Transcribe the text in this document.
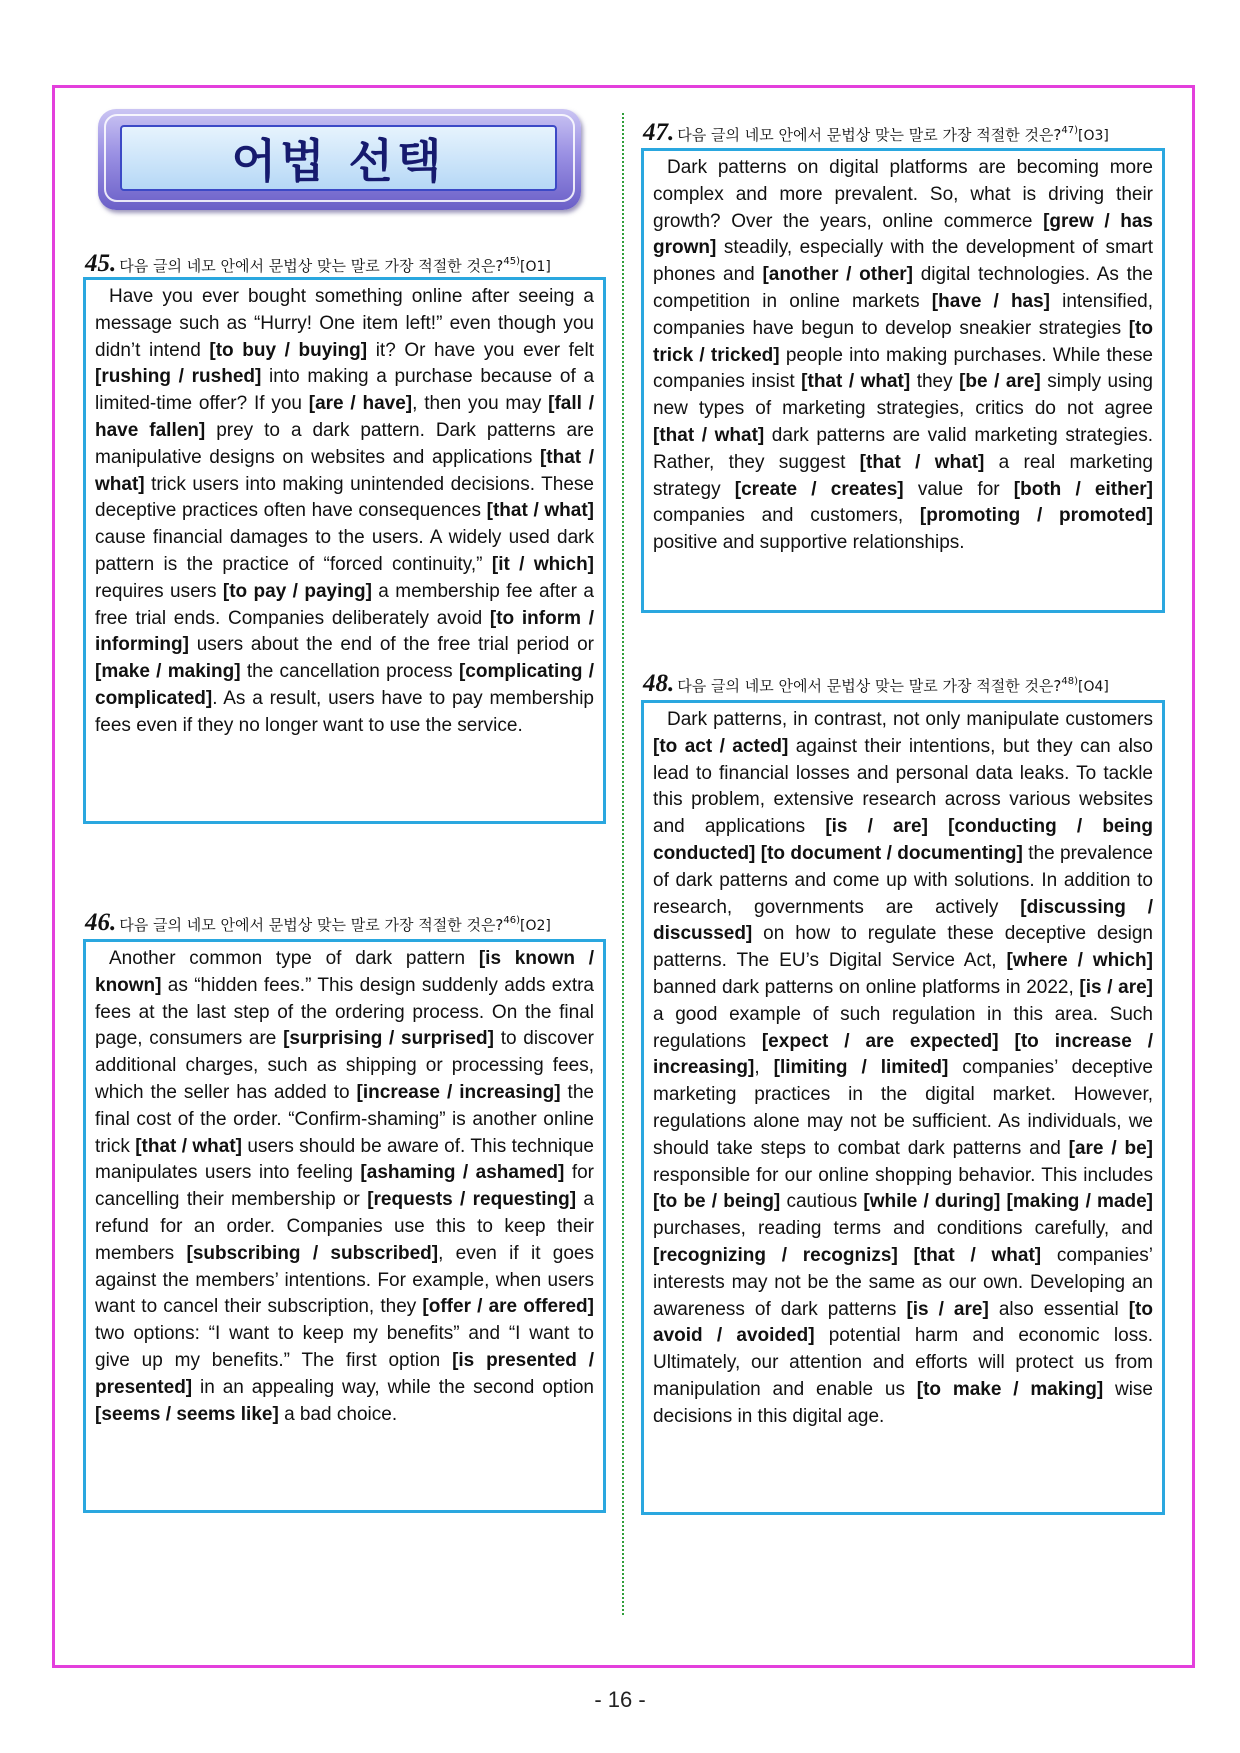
어법 선택
45. 다음 글의 네모 안에서 문법상 맞는 말로 가장 적절한 것은?$^{45)}$[O1]
Have you ever bought something online after seeing a message such as “Hurry! One item left!” even though you didn’t intend [to buy / buying] it? Or have you ever felt [rushing / rushed] into making a purchase because of a limited-time offer? If you [are / have], then you may [fall / have fallen] prey to a dark pattern. Dark patterns are manipulative designs on websites and applications [that / what] trick users into making unintended decisions. These deceptive practices often have consequences [that / what] cause financial damages to the users. A widely used dark pattern is the practice of “forced continuity,” [it / which] requires users [to pay / paying] a membership fee after a free trial ends. Companies deliberately avoid [to inform / informing] users about the end of the free trial period or [make / making] the cancellation process [complicating / complicated]. As a result, users have to pay membership fees even if they no longer want to use the service.
46. 다음 글의 네모 안에서 문법상 맞는 말로 가장 적절한 것은?$^{46)}$[O2]
Another common type of dark pattern [is known / known] as “hidden fees.” This design suddenly adds extra fees at the last step of the ordering process. On the final page, consumers are [surprising / surprised] to discover additional charges, such as shipping or processing fees, which the seller has added to [increase / increasing] the final cost of the order. “Confirm-shaming” is another online trick [that / what] users should be aware of. This technique manipulates users into feeling [ashaming / ashamed] for cancelling their membership or [requests / requesting] a refund for an order. Companies use this to keep their members [subscribing / subscribed], even if it goes against the members’ intentions. For example, when users want to cancel their subscription, they [offer / are offered] two options: “I want to keep my benefits” and “I want to give up my benefits.” The first option [is presented / presented] in an appealing way, while the second option [seems / seems like] a bad choice.
47. 다음 글의 네모 안에서 문법상 맞는 말로 가장 적절한 것은?$^{47)}$[O3]
Dark patterns on digital platforms are becoming more complex and more prevalent. So, what is driving their growth? Over the years, online commerce [grew / has grown] steadily, especially with the development of smart phones and [another / other] digital technologies. As the competition in online markets [have / has] intensified, companies have begun to develop sneakier strategies [to trick / tricked] people into making purchases. While these companies insist [that / what] they [be / are] simply using new types of marketing strategies, critics do not agree [that / what] dark patterns are valid marketing strategies. Rather, they suggest [that / what] a real marketing strategy [create / creates] value for [both / either] companies and customers, [promoting / promoted] positive and supportive relationships.
48. 다음 글의 네모 안에서 문법상 맞는 말로 가장 적절한 것은?$^{48)}$[O4]
Dark patterns, in contrast, not only manipulate customers [to act / acted] against their intentions, but they can also lead to financial losses and personal data leaks. To tackle this problem, extensive research across various websites and applications [is / are] [conducting / being conducted] [to document / documenting] the prevalence of dark patterns and come up with solutions. In addition to research, governments are actively [discussing / discussed] on how to regulate these deceptive design patterns. The EU’s Digital Service Act, [where / which] banned dark patterns on online platforms in 2022, [is / are] a good example of such regulation in this area. Such regulations [expect / are expected] [to increase / increasing], [limiting / limited] companies’ deceptive marketing practices in the digital market. However, regulations alone may not be sufficient. As individuals, we should take steps to combat dark patterns and [are / be] responsible for our online shopping behavior. This includes [to be / being] cautious [while / during] [making / made] purchases, reading terms and conditions carefully, and [recognizing / recognizs] [that / what] companies’ interests may not be the same as our own. Developing an awareness of dark patterns [is / are] also essential [to avoid / avoided] potential harm and economic loss. Ultimately, our attention and efforts will protect us from manipulation and enable us [to make / making] wise decisions in this digital age.
- 16 -
